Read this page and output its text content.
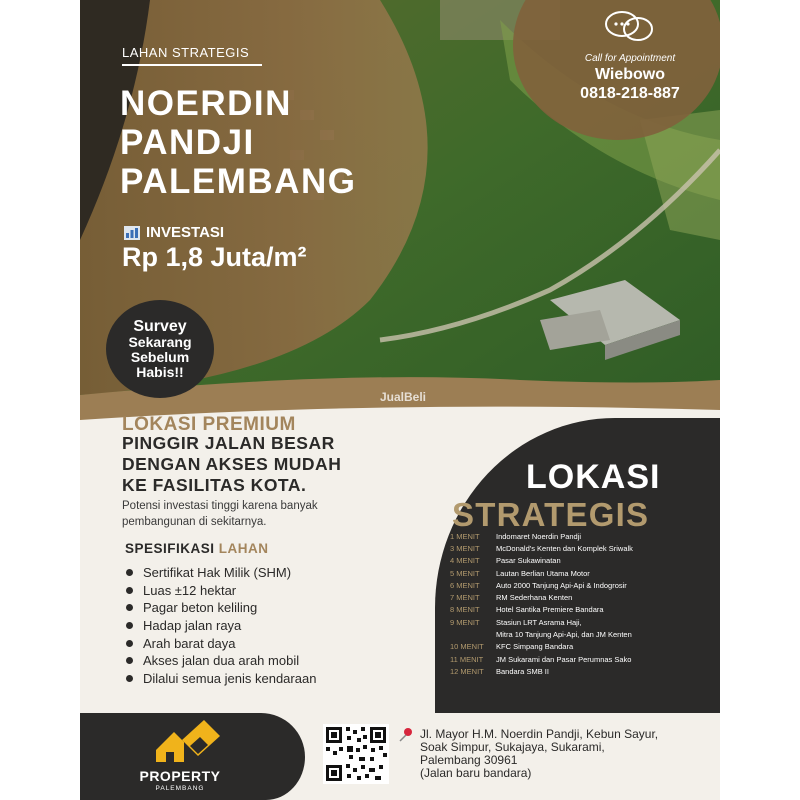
Call for Appointment
Wiebowo
0818-218-887
LAHAN STRATEGIS
NOERDIN
PANDJI
PALEMBANG
INVESTASI
Rp 1,8 Juta/m²
Survey
Sekarang
Sebelum
Habis!!
JualBeli
LOKASI PREMIUM
PINGGIR JALAN BESAR
DENGAN AKSES MUDAH
KE FASILITAS KOTA.
Potensi investasi tinggi karena banyak pembangunan di sekitarnya.
SPESIFIKASI LAHAN
Sertifikat Hak Milik (SHM)
Luas ±12 hektar
Pagar beton keliling
Hadap jalan raya
Arah barat daya
Akses jalan dua arah mobil
Dilalui semua jenis kendaraan
LOKASI
STRATEGIS
1 MENIT	Indomaret Noerdin Pandji
3 MENIT	McDonald's Kenten dan Komplek Sriwalk
4 MENIT	Pasar Sukawinatan
5 MENIT	Lautan Berlian Utama Motor
6 MENIT	Auto 2000 Tanjung Api-Api & Indogrosir
7 MENIT	RM Sederhana Kenten
8 MENIT	Hotel Santika Premiere Bandara
9 MENIT	Stasiun LRT Asrama Haji,
Mitra 10 Tanjung Api-Api, dan JM Kenten
10 MENIT	KFC Simpang Bandara
11 MENIT	JM Sukarami dan Pasar Perumnas Sako
12 MENIT	Bandara SMB II
PROPERTY
PALEMBANG
Jl. Mayor H.M. Noerdin Pandji, Kebun Sayur,
Soak Simpur, Sukajaya, Sukarami,
Palembang 30961
(Jalan baru bandara)
